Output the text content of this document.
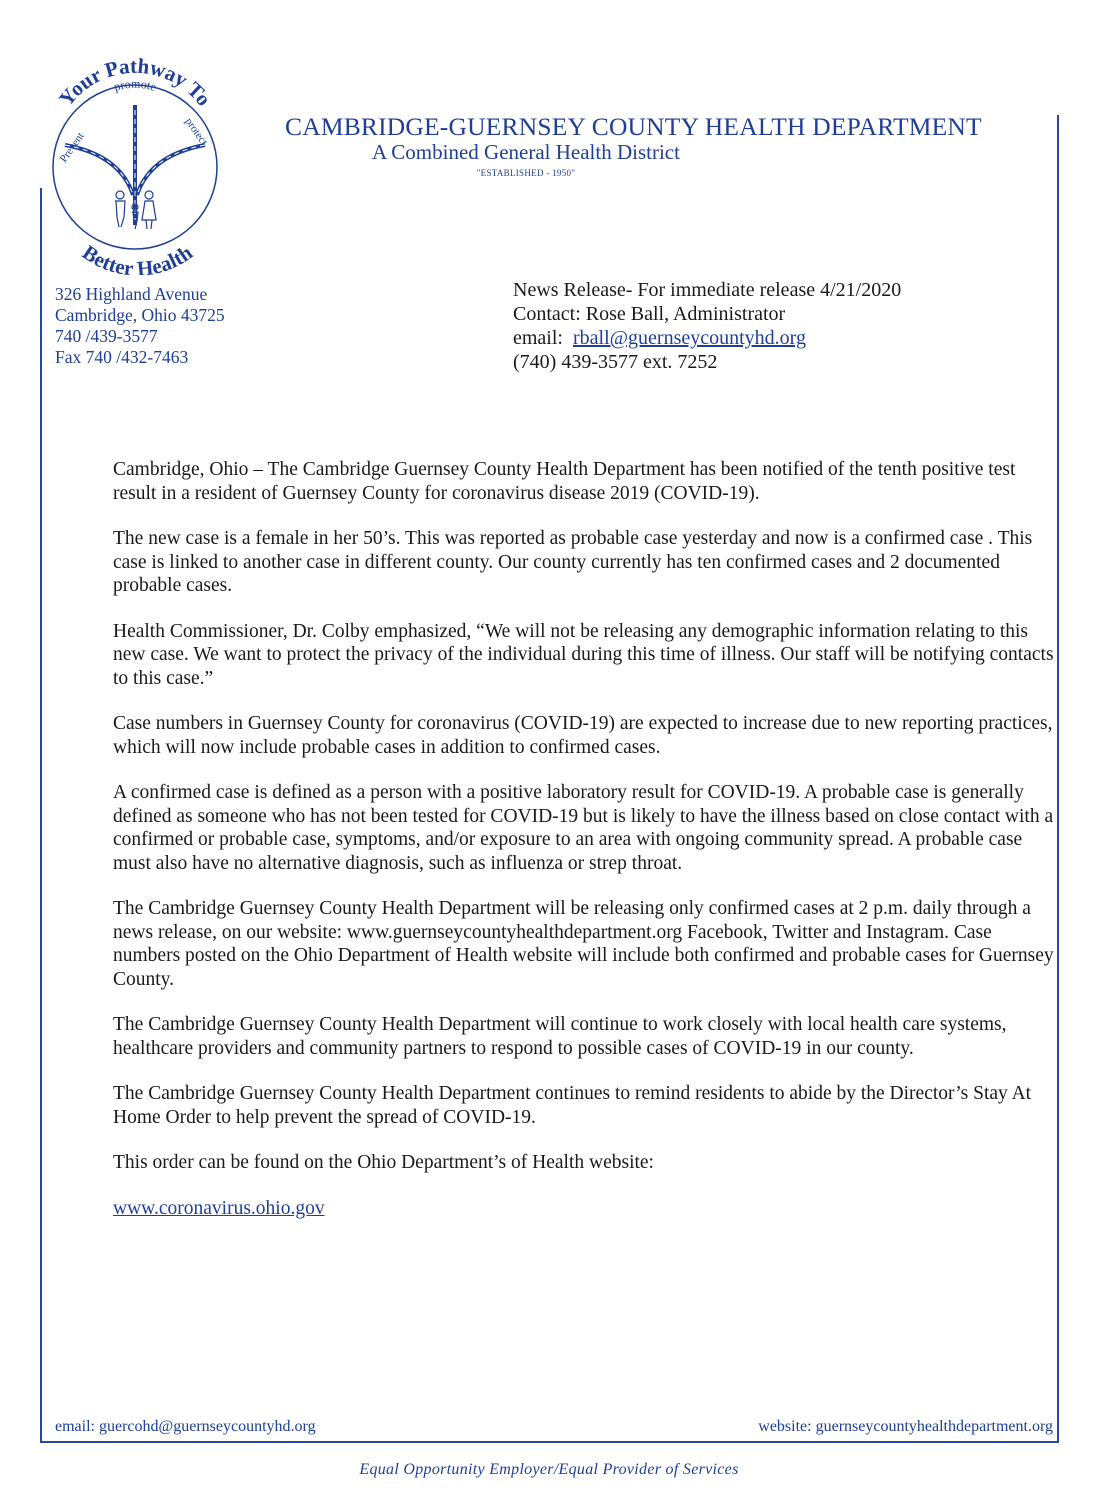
Your Pathway To
promote
Prevent	protect
Better Health
CAMBRIDGE-GUERNSEY COUNTY HEALTH DEPARTMENT
A Combined General Health District
"ESTABLISHED - 1950"
326 Highland Avenue
Cambridge, Ohio 43725
740 /439-3577
Fax 740 /432-7463
News Release- For immediate release 4/21/2020
Contact: Rose Ball, Administrator
email: rball@guernseycountyhd.org
(740) 439-3577 ext. 7252

Cambridge, Ohio – The Cambridge Guernsey County Health Department has been notified of the tenth positive test result in a resident of Guernsey County for coronavirus disease 2019 (COVID-19).

The new case is a female in her 50’s. This was reported as probable case yesterday and now is a confirmed case . This case is linked to another case in different county. Our county currently has ten confirmed cases and 2 documented probable cases.

Health Commissioner, Dr. Colby emphasized, “We will not be releasing any demographic information relating to this new case. We want to protect the privacy of the individual during this time of illness. Our staff will be notifying contacts to this case.”

Case numbers in Guernsey County for coronavirus (COVID-19) are expected to increase due to new reporting practices, which will now include probable cases in addition to confirmed cases.

A confirmed case is defined as a person with a positive laboratory result for COVID-19. A probable case is generally defined as someone who has not been tested for COVID-19 but is likely to have the illness based on close contact with a confirmed or probable case, symptoms, and/or exposure to an area with ongoing community spread. A probable case must also have no alternative diagnosis, such as influenza or strep throat.

The Cambridge Guernsey County Health Department will be releasing only confirmed cases at 2 p.m. daily through a news release, on our website: www.guernseycountyhealthdepartment.org Facebook, Twitter and Instagram. Case numbers posted on the Ohio Department of Health website will include both confirmed and probable cases for Guernsey County.

The Cambridge Guernsey County Health Department will continue to work closely with local health care systems, healthcare providers and community partners to respond to possible cases of COVID-19 in our county.

The Cambridge Guernsey County Health Department continues to remind residents to abide by the Director’s Stay At Home Order to help prevent the spread of COVID-19.

This order can be found on the Ohio Department’s of Health website:

www.coronavirus.ohio.gov

email: guercohd@guernseycountyhd.org	website: guernseycountyhealthdepartment.org
Equal Opportunity Employer/Equal Provider of Services
